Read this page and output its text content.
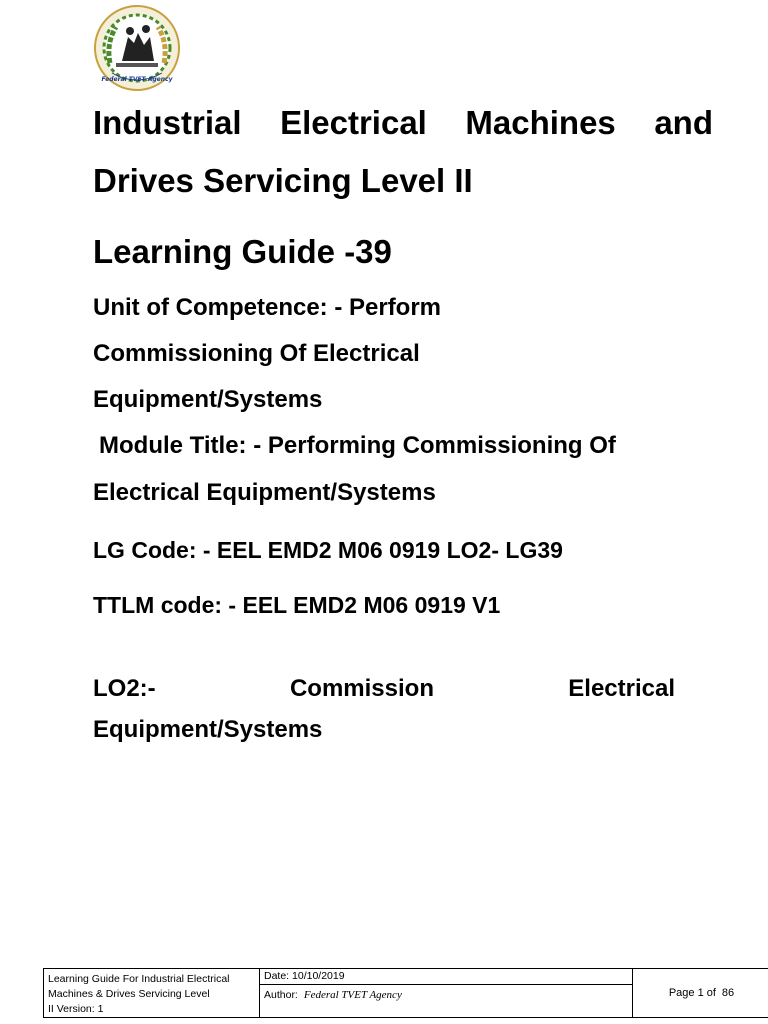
Federal TVET Agency
Industrial Electrical Machines and
Drives Servicing Level II
Learning Guide -39
Unit of Competence: - Perform
Commissioning Of Electrical
Equipment/Systems
Module Title: - Performing Commissioning Of
Electrical Equipment/Systems
LG Code: - EEL EMD2 M06 0919 LO2- LG39
TTLM code: - EEL EMD2 M06 0919 V1
LO2:-	Commission	Electrical
Equipment/Systems
Learning Guide For Industrial Electrical
Machines & Drives Servicing Level
II Version: 1
Date: 10/10/2019
Author: Federal TVET Agency	Page 1 of 86
